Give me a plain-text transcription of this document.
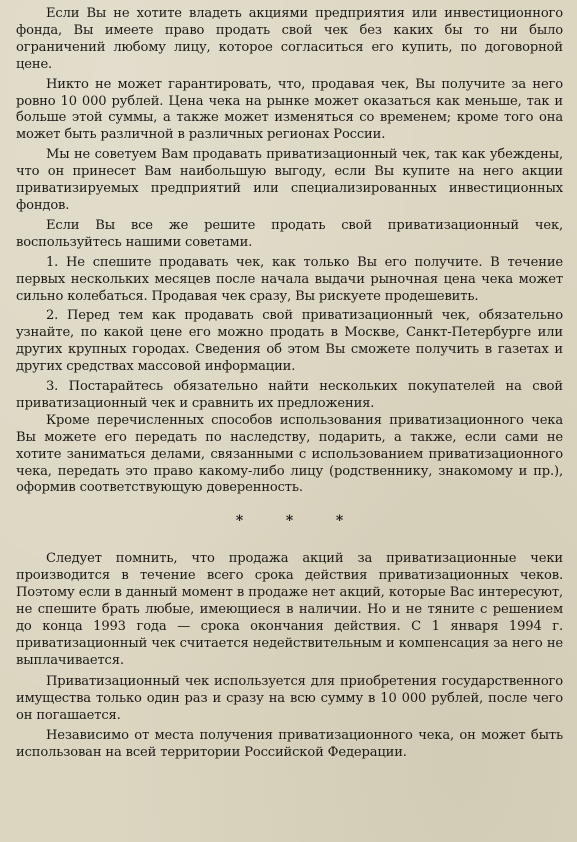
Если Вы не хотите владеть акциями предприятия или инвестиционного фонда, Вы имеете право продать свой чек без каких бы то ни было ограничений любому лицу, которое согласиться его купить, по договорной цене.

Никто не может гарантировать, что, продавая чек, Вы получите за него ровно 10 000 рублей. Цена чека на рынке может оказаться как меньше, так и больше этой суммы, а также может изменяться со временем; кроме того она может быть различной в различных регионах России.

Мы не советуем Вам продавать приватизационный чек, так как убеждены, что он принесет Вам наибольшую выгоду, если Вы купите на него акции приватизируемых предприятий или специализированных инвестиционных фондов.

Если Вы все же решите продать свой приватизационный чек, воспользуйтесь нашими советами.

1. Не спешите продавать чек, как только Вы его получите. В течение первых нескольких месяцев после начала выдачи рыночная цена чека может сильно колебаться. Продавая чек сразу, Вы рискуете продешевить.

2. Перед тем как продавать свой приватизационный чек, обязательно узнайте, по какой цене его можно продать в Москве, Санкт-Петербурге или других крупных городах. Сведения об этом Вы сможете получить в газетах и других средствах массовой информации.

3. Постарайтесь обязательно найти нескольких покупателей на свой приватизационный чек и сравнить их предложения.

Кроме перечисленных способов использования приватизационного чека Вы можете его передать по наследству, подарить, а также, если сами не хотите заниматься делами, связанными с использованием приватизационного чека, передать это право какому-либо лицу (родственнику, знакомому и пр.), оформив соответствующую доверенность.

*	*	*

Следует помнить, что продажа акций за приватизационные чеки производится в течение всего срока действия приватизационных чеков. Поэтому если в данный момент в продаже нет акций, которые Вас интересуют, не спешите брать любые, имеющиеся в наличии. Но и не тяните с решением до конца 1993 года — срока окончания действия. С 1 января 1994 г. приватизационный чек считается недействительным и компенсация за него не выплачивается.

Приватизационный чек используется для приобретения государственного имущества только один раз и сразу на всю сумму в 10 000 рублей, после чего он погашается.

Независимо от места получения приватизационного чека, он может быть использован на всей территории Российской Федерации.
